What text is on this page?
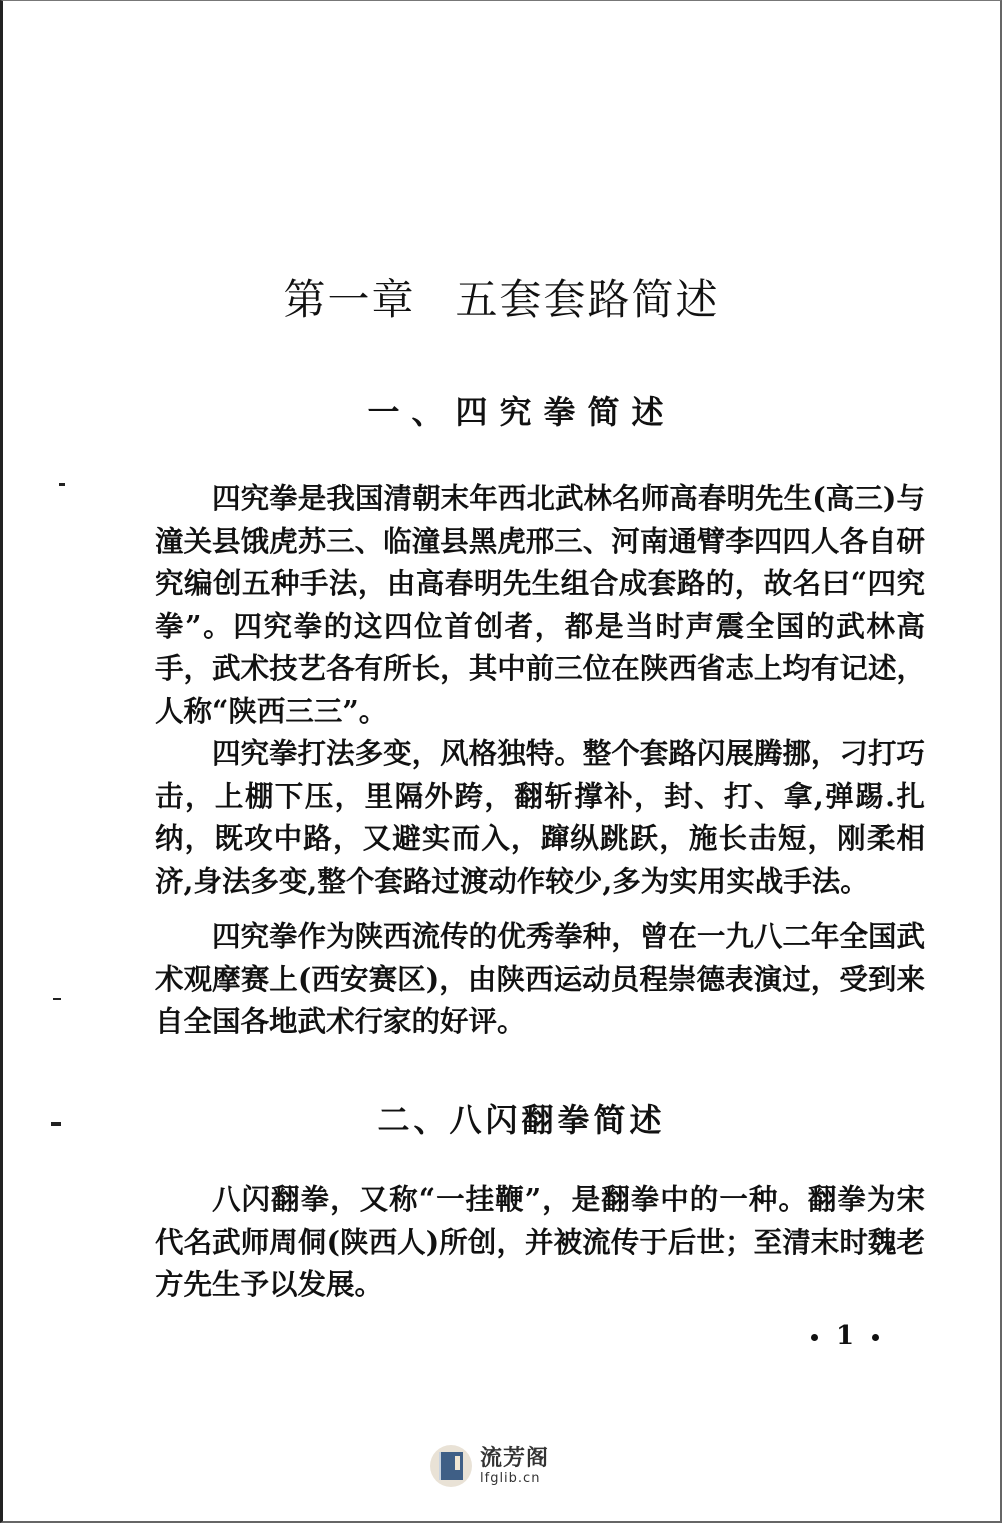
第一章 五套套路简述
一、四究拳简述

四究拳是我国清朝末年西北武林名师高春明先生(高三)与潼关县饿虎苏三、临潼县黑虎邢三、河南通臂李四四人各自研究编创五种手法，由高春明先生组合成套路的，故名曰“四究拳”。四究拳的这四位首创者，都是当时声震全国的武林高手，武术技艺各有所长，其中前三位在陕西省志上均有记述，人称“陕西三三”。

四究拳打法多变，风格独特。整个套路闪展腾挪，刁打巧击，上棚下压，里隔外跨，翻斩撑补，封、打、拿,弹踢.扎纳，既攻中路，又避实而入，蹿纵跳跃，施长击短，刚柔相济,身法多变,整个套路过渡动作较少,多为实用实战手法。

四究拳作为陕西流传的优秀拳种，曾在一九八二年全国武术观摩赛上(西安赛区)，由陕西运动员程崇德表演过，受到来自全国各地武术行家的好评。

二、八闪翻拳简述

八闪翻拳，又称“一挂鞭”，是翻拳中的一种。翻拳为宋代名武师周侗(陕西人)所创，并被流传于后世；至清末时魏老方先生予以发展。

1
流芳阁
lfglib.cn
